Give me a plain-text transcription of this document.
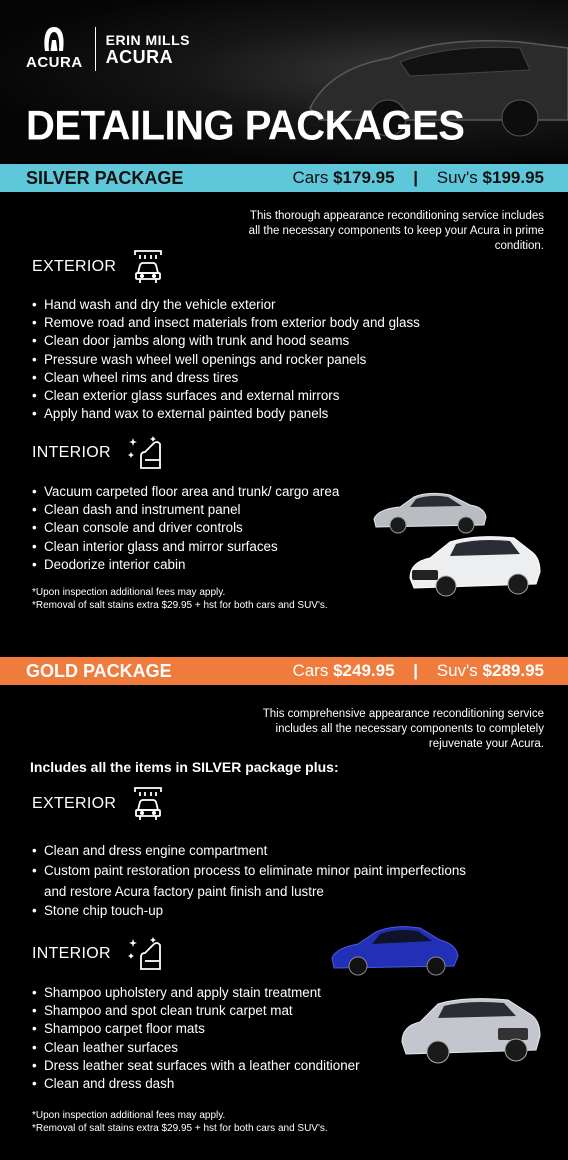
ACURA
ERIN MILLS
ACURA
DETAILING PACKAGES
SILVER PACKAGE	Cars $179.95 | Suv's $199.95
This thorough appearance reconditioning service includes
all the necessary components to keep your Acura in prime
condition.
EXTERIOR
• Hand wash and dry the vehicle exterior
• Remove road and insect materials from exterior body and glass
• Clean door jambs along with trunk and hood seams
• Pressure wash wheel well openings and rocker panels
• Clean wheel rims and dress tires
• Clean exterior glass surfaces and external mirrors
• Apply hand wax to external painted body panels
INTERIOR
• Vacuum carpeted floor area and trunk/ cargo area
• Clean dash and instrument panel
• Clean console and driver controls
• Clean interior glass and mirror surfaces
• Deodorize interior cabin
*Upon inspection additional fees may apply.
*Removal of salt stains extra $29.95 + hst for both cars and SUV's.
GOLD PACKAGE	Cars $249.95 | Suv's $289.95
This comprehensive appearance reconditioning service
includes all the necessary components to completely
rejuvenate your Acura.
Includes all the items in SILVER package plus:
EXTERIOR
• Clean and dress engine compartment
• Custom paint restoration process to eliminate minor paint imperfections
and restore Acura factory paint finish and lustre
• Stone chip touch-up
INTERIOR
• Shampoo upholstery and apply stain treatment
• Shampoo and spot clean trunk carpet mat
• Shampoo carpet floor mats
• Clean leather surfaces
• Dress leather seat surfaces with a leather conditioner
• Clean and dress dash
*Upon inspection additional fees may apply.
*Removal of salt stains extra $29.95 + hst for both cars and SUV's.
